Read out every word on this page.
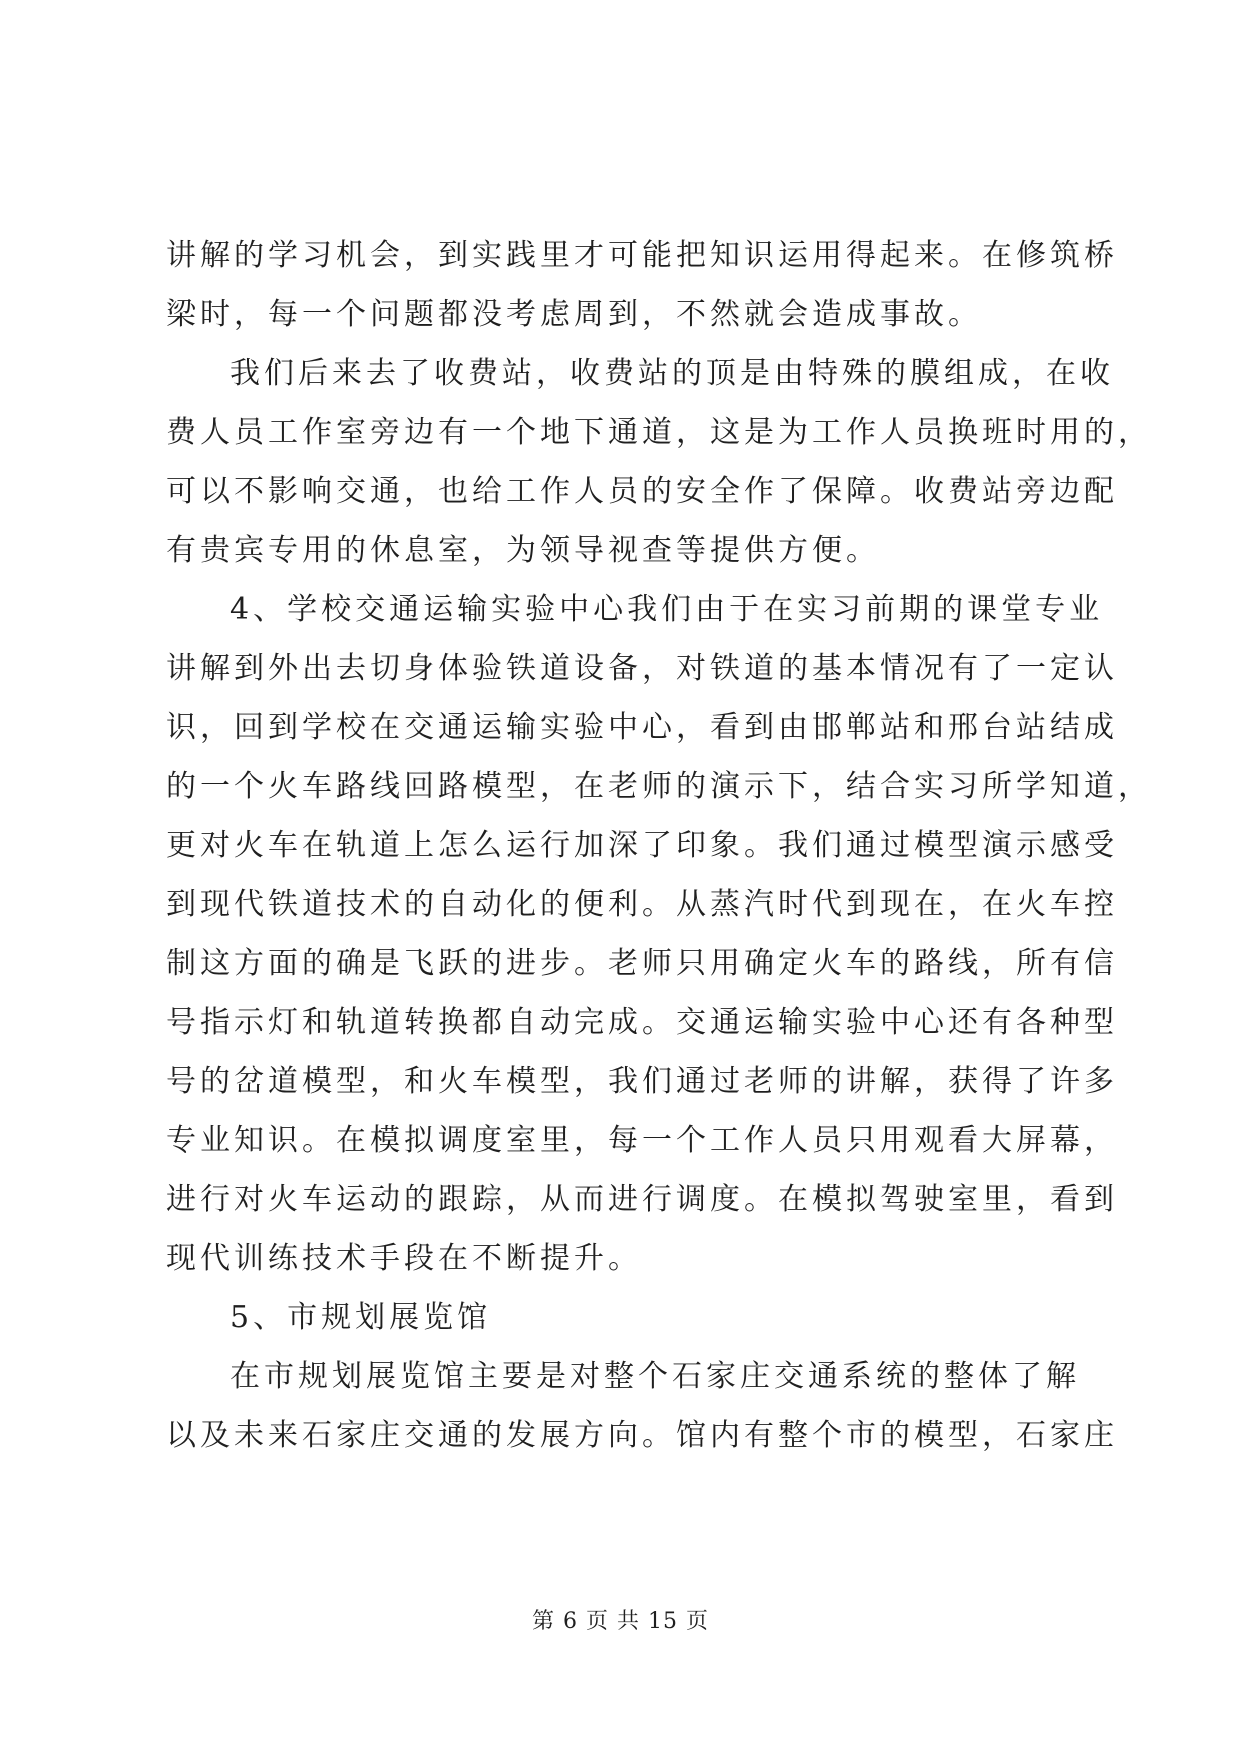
讲解的学习机会，到实践里才可能把知识运用得起来。在修筑桥
梁时，每一个问题都没考虑周到，不然就会造成事故。
我们后来去了收费站，收费站的顶是由特殊的膜组成，在收
费人员工作室旁边有一个地下通道，这是为工作人员换班时用的，
可以不影响交通，也给工作人员的安全作了保障。收费站旁边配
有贵宾专用的休息室，为领导视查等提供方便。
4、学校交通运输实验中心我们由于在实习前期的课堂专业
讲解到外出去切身体验铁道设备，对铁道的基本情况有了一定认
识，回到学校在交通运输实验中心，看到由邯郸站和邢台站结成
的一个火车路线回路模型，在老师的演示下，结合实习所学知道，
更对火车在轨道上怎么运行加深了印象。我们通过模型演示感受
到现代铁道技术的自动化的便利。从蒸汽时代到现在，在火车控
制这方面的确是飞跃的进步。老师只用确定火车的路线，所有信
号指示灯和轨道转换都自动完成。交通运输实验中心还有各种型
号的岔道模型，和火车模型，我们通过老师的讲解，获得了许多
专业知识。在模拟调度室里，每一个工作人员只用观看大屏幕，
进行对火车运动的跟踪，从而进行调度。在模拟驾驶室里，看到
现代训练技术手段在不断提升。
5、市规划展览馆
在市规划展览馆主要是对整个石家庄交通系统的整体了解
以及未来石家庄交通的发展方向。馆内有整个市的模型，石家庄
第 6 页 共 15 页
